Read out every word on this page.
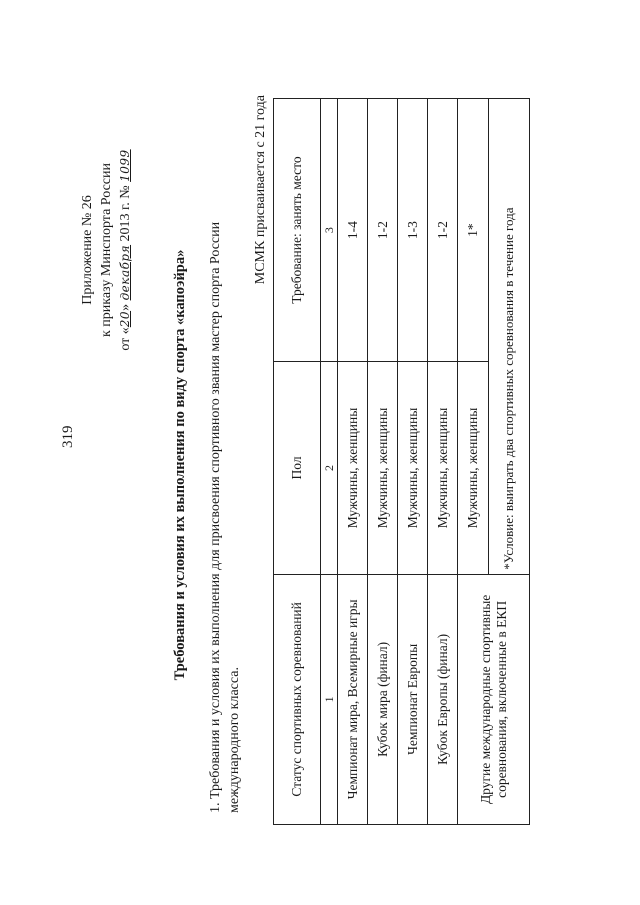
319
Приложение № 26 к приказу Минспорта России
от «20» декабря 2013 г. № 1099
Требования и условия их выполнения по виду спорта «капоэйра» 1. Требования и условия их выполнения для присвоения спортивного звания мастер спорта России международного класса.
МСМК присваивается с 21 года
Статус спортивных соревнований	Пол	Требование: занять место
1	2	3
Чемпионат мира, Всемирные игры	Мужчины, женщины	1-4
Кубок мира (финал)	Мужчины, женщины	1-2
Чемпионат Европы	Мужчины, женщины	1-3
Кубок Европы (финал)	Мужчины, женщины	1-2
Другие международные спортивные соревнования, включенные в ЕКП	Мужчины, женщины	1*
	*Условие: выиграть два спортивных соревнования в течение года	
